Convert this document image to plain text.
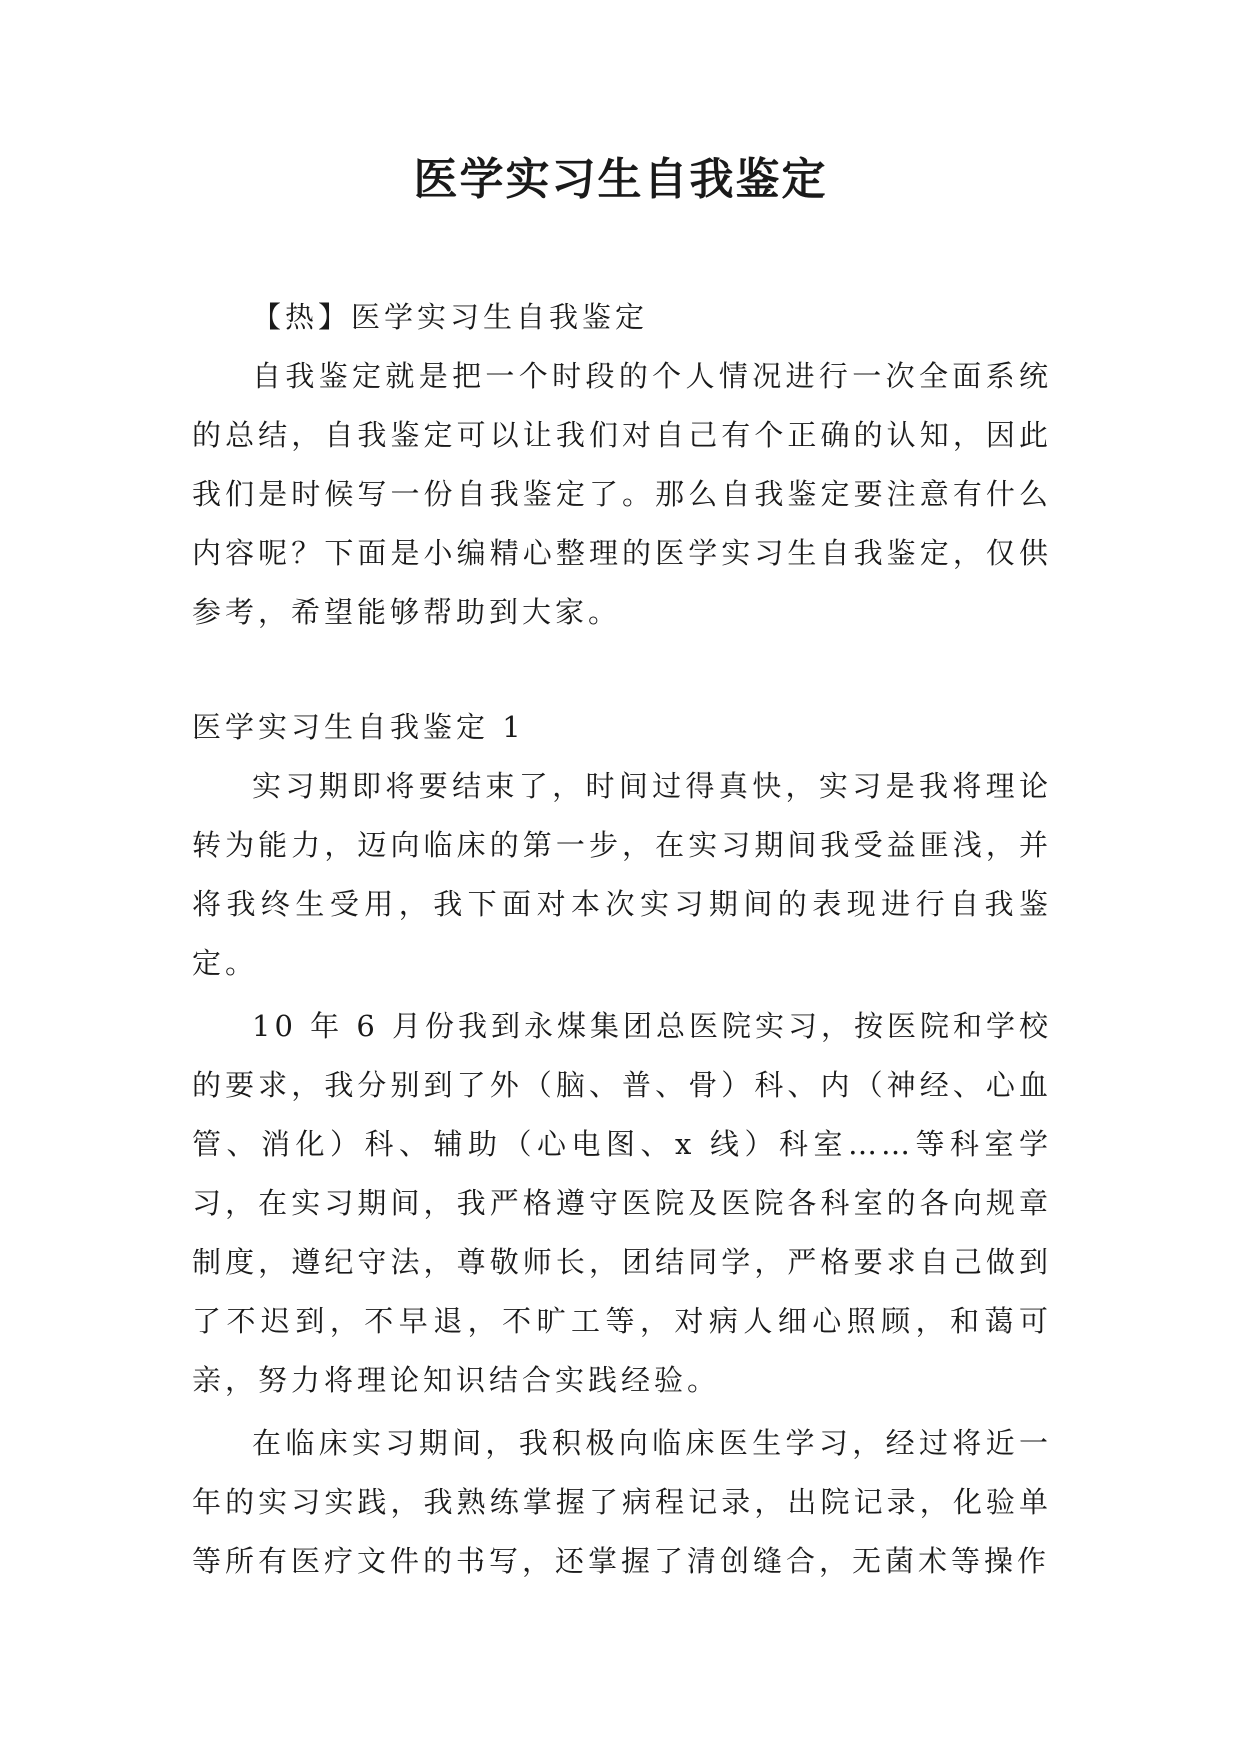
医学实习生自我鉴定

【热】医学实习生自我鉴定

自我鉴定就是把一个时段的个人情况进行一次全面系统的总结，自我鉴定可以让我们对自己有个正确的认知，因此我们是时候写一份自我鉴定了。那么自我鉴定要注意有什么内容呢？下面是小编精心整理的医学实习生自我鉴定，仅供参考，希望能够帮助到大家。

医学实习生自我鉴定 1

实习期即将要结束了，时间过得真快，实习是我将理论转为能力，迈向临床的第一步，在实习期间我受益匪浅，并将我终生受用，我下面对本次实习期间的表现进行自我鉴定。

10 年 6 月份我到永煤集团总医院实习，按医院和学校的要求，我分别到了外（脑、普、骨）科、内（神经、心血管、消化）科、辅助（心电图、x 线）科室……等科室学习，在实习期间，我严格遵守医院及医院各科室的各向规章制度，遵纪守法，尊敬师长，团结同学，严格要求自己做到了不迟到，不早退，不旷工等，对病人细心照顾，和蔼可亲，努力将理论知识结合实践经验。

在临床实习期间，我积极向临床医生学习，经过将近一年的实习实践，我熟练掌握了病程记录，出院记录，化验单等所有医疗文件的书写，还掌握了清创缝合，无菌术等操作
